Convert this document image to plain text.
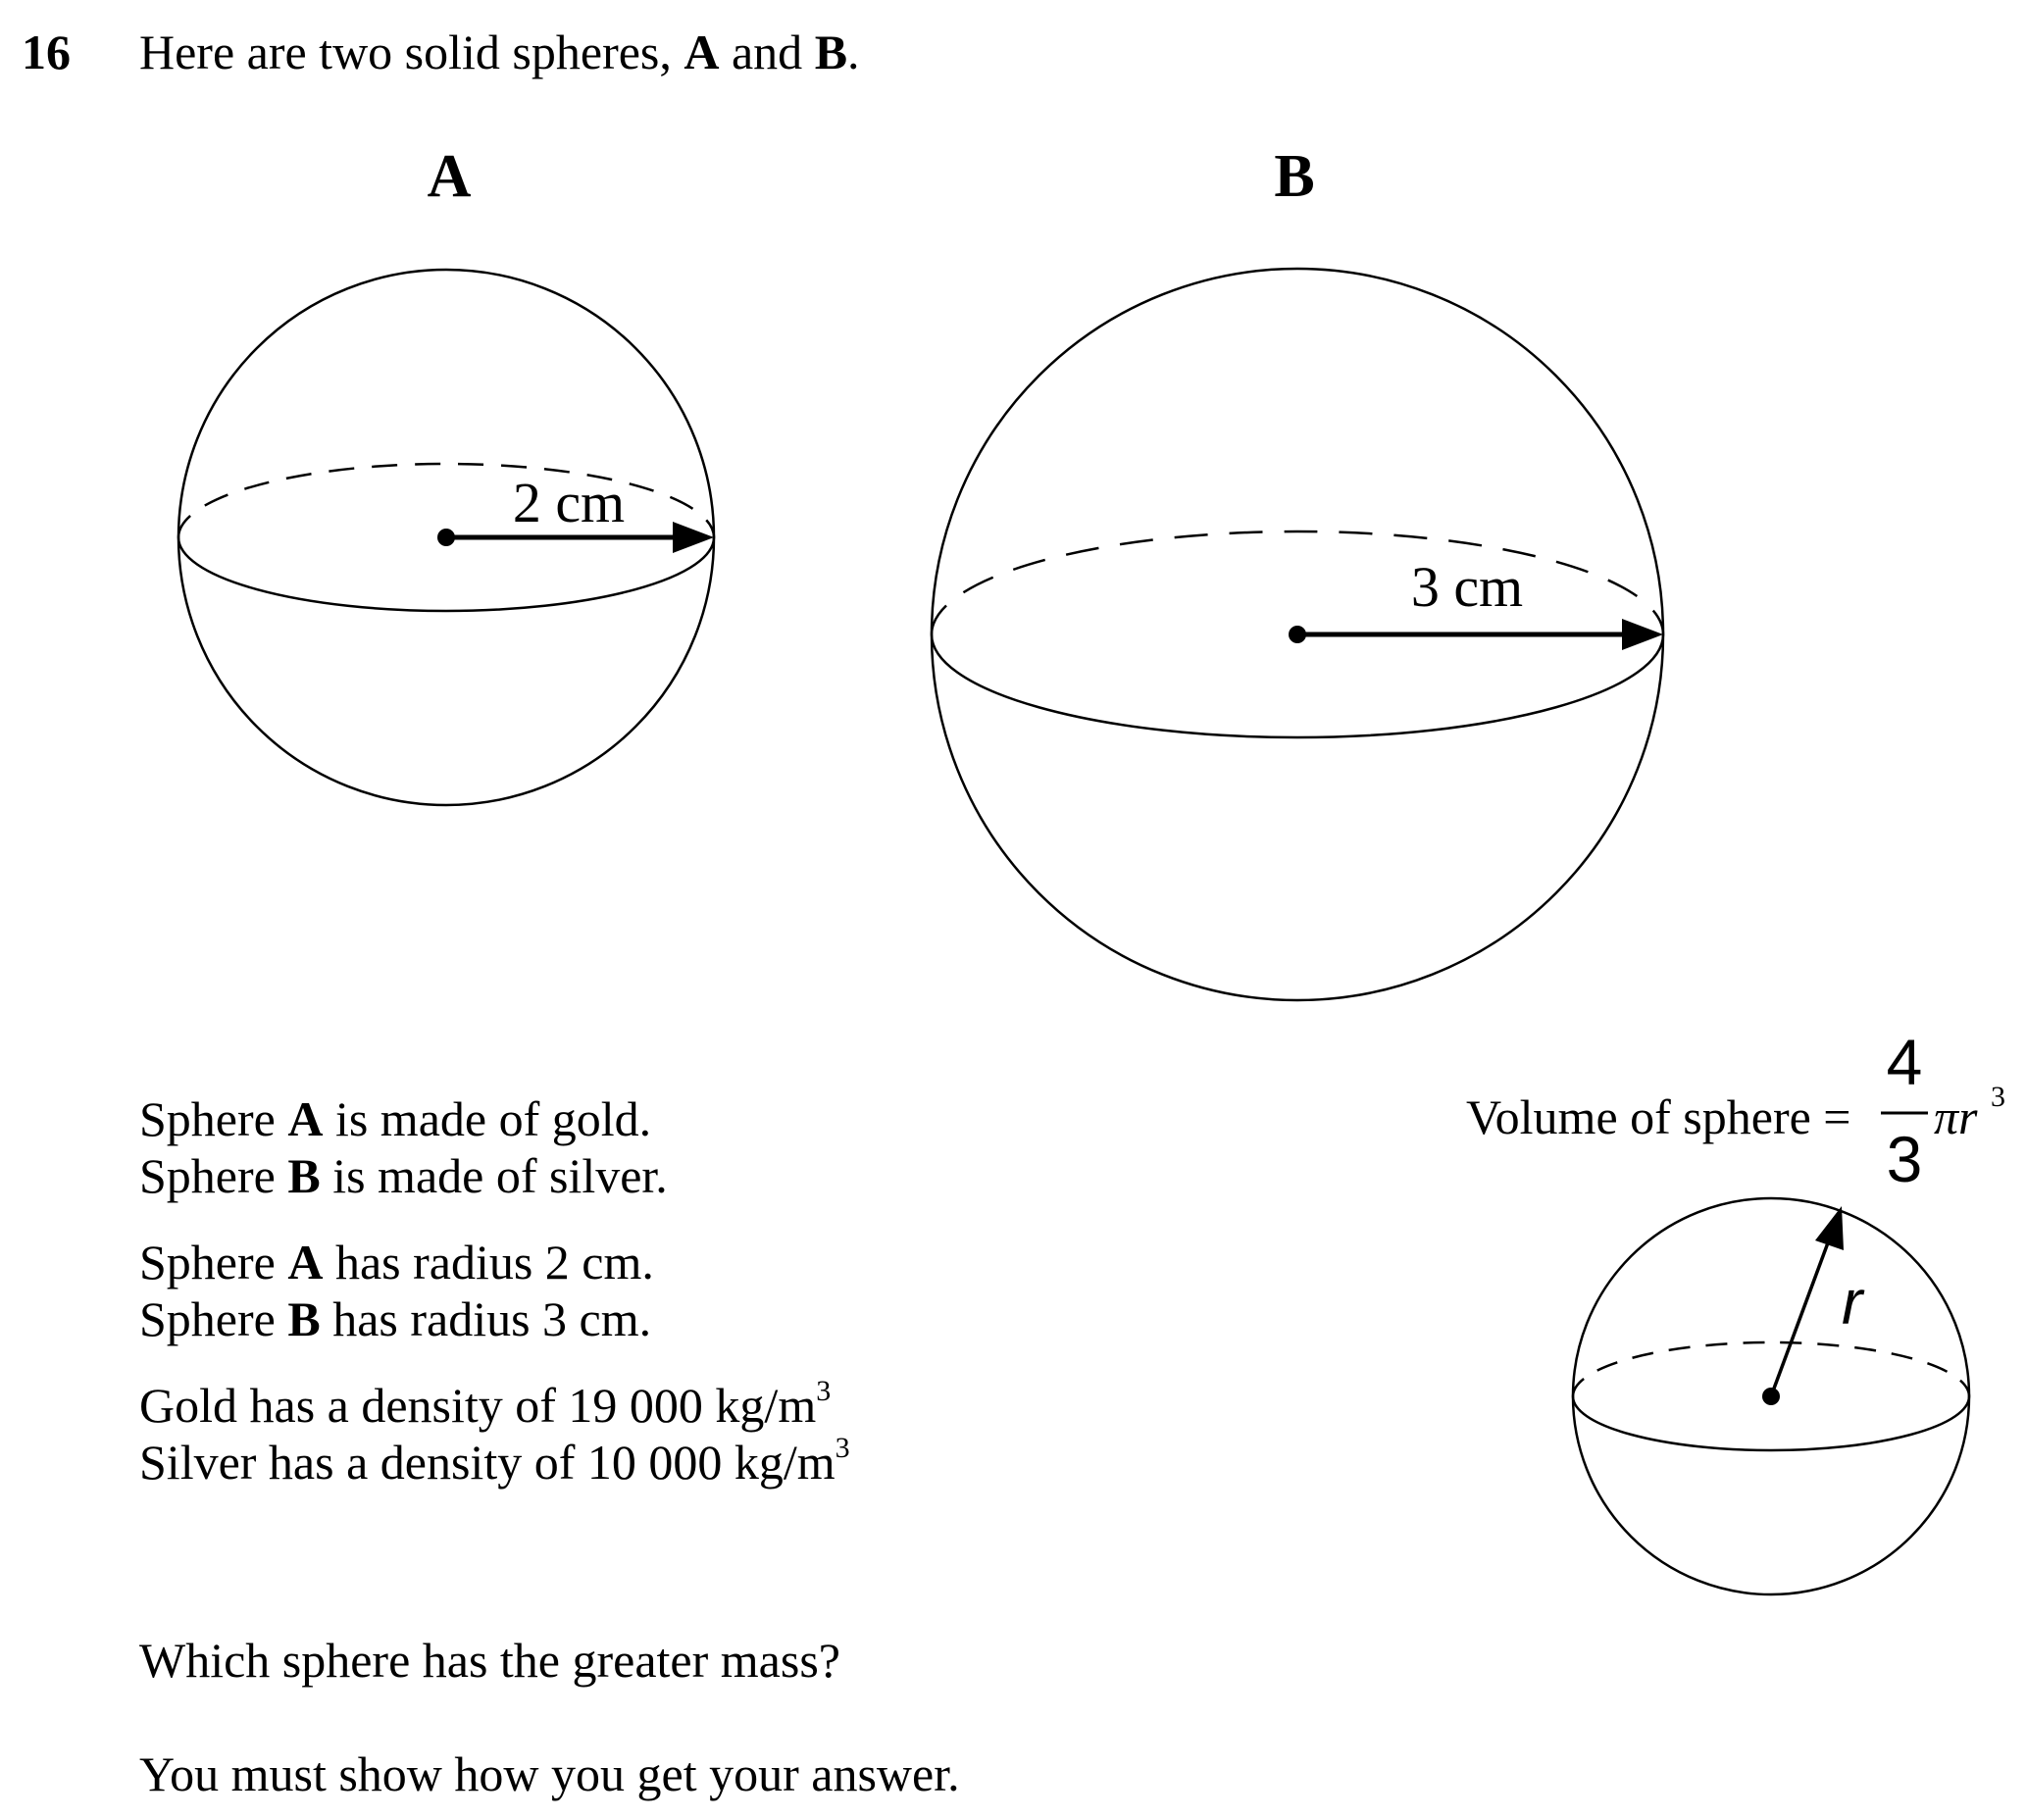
16 Here are two solid spheres, A and B.

A
2 cm
B
3 cm
Volume of sphere =
4
3
πr 3
r

Sphere A is made of gold.

Sphere B is made of silver.

Sphere A has radius 2 cm.

Sphere B has radius 3 cm.

Gold has a density of 19 000 $kg/m^3$

Silver has a density of 10 000 $kg/m^3$

Which sphere has the greater mass?

You must show how you get your answer.
